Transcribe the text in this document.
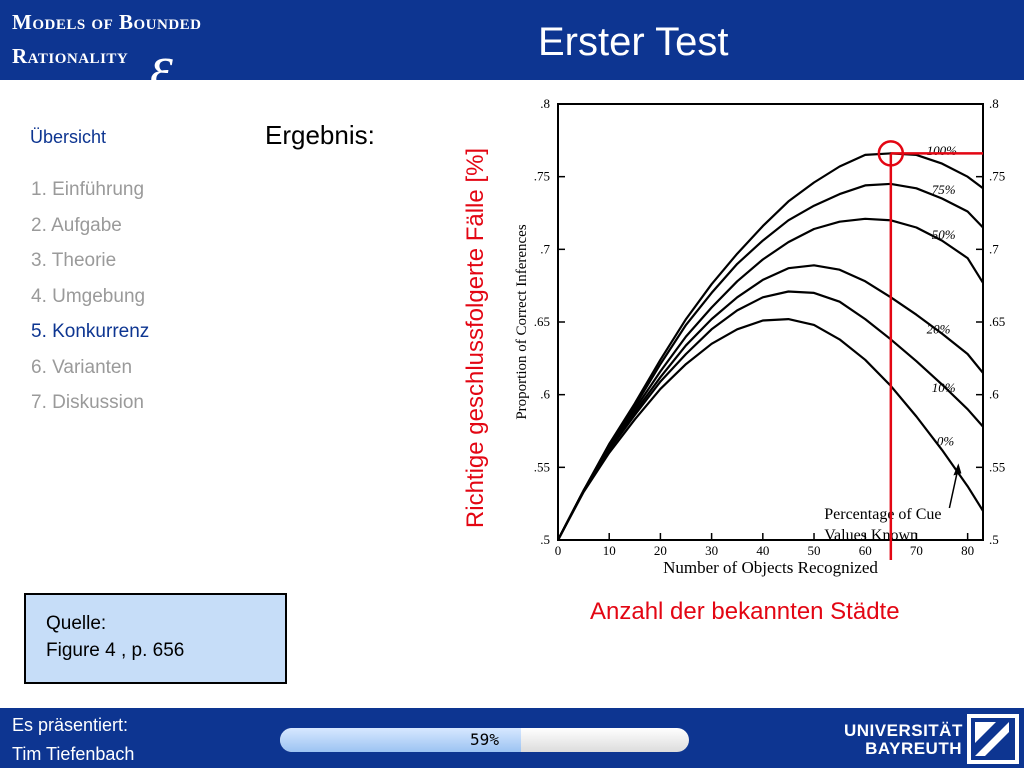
Models of Bounded
Rationality ε	Erster Test
Übersicht
1. Einführung
2. Aufgabe
3. Theorie
4. Umgebung
5. Konkurrenz
6. Varianten
7. Diskussion
Ergebnis:
Richtige geschlussfolgerte Fälle [%]
.5	.5
.55	.55
.6	.6
.65	.65
.7	.7
.75	.75
.8	.8
0	10	20	30	40	50	60	70	80
100%
75%
50%
20%
10%
0%
Number of Objects Recognized
Proportion of Correct Inferences
Percentage of Cue
Values Known
Anzahl der bekannten Städte
Quelle:
Figure 4 , p. 656
Es präsentiert:
Tim Tiefenbach
59%	UNIVERSITÄT
BAYREUTH
